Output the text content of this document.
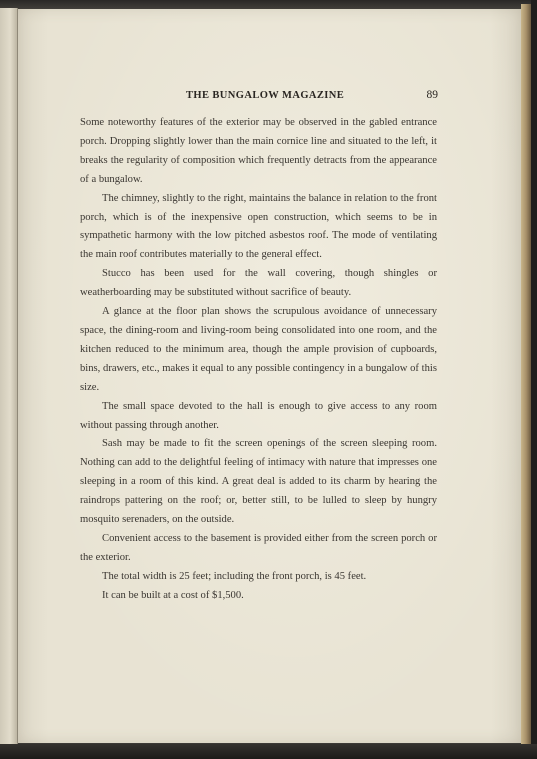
THE BUNGALOW MAGAZINE	89

Some noteworthy features of the exterior may be observed in the gabled entrance porch. Dropping slightly lower than the main cornice line and situated to the left, it breaks the regularity of composition which frequently detracts from the appearance of a bungalow.

The chimney, slightly to the right, maintains the balance in relation to the front porch, which is of the inexpensive open construction, which seems to be in sympathetic harmony with the low pitched asbestos roof. The mode of ventilating the main roof contributes materially to the general effect.

Stucco has been used for the wall covering, though shingles or weatherboarding may be substituted without sacrifice of beauty.

A glance at the floor plan shows the scrupulous avoidance of unnecessary space, the dining-room and living-room being consolidated into one room, and the kitchen reduced to the minimum area, though the ample provision of cupboards, bins, drawers, etc., makes it equal to any possible contingency in a bungalow of this size.

The small space devoted to the hall is enough to give access to any room without passing through another.

Sash may be made to fit the screen openings of the screen sleeping room. Nothing can add to the delightful feeling of intimacy with nature that impresses one sleeping in a room of this kind. A great deal is added to its charm by hearing the raindrops pattering on the roof; or, better still, to be lulled to sleep by hungry mosquito serenaders, on the outside.

Convenient access to the basement is provided either from the screen porch or the exterior.

The total width is 25 feet; including the front porch, is 45 feet.

It can be built at a cost of $1,500.
